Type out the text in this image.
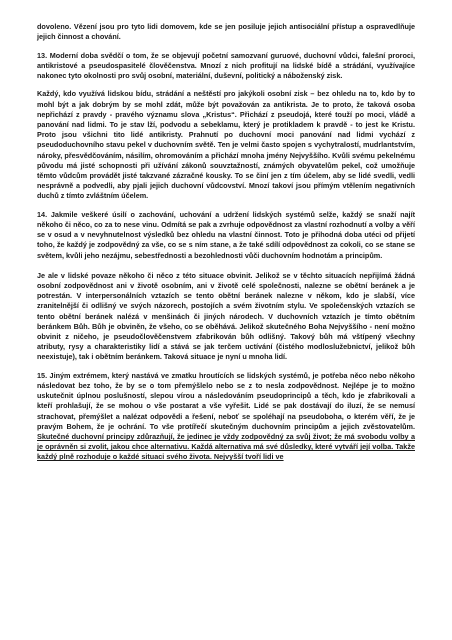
dovoleno. Vězení jsou pro tyto lidi domovem, kde se jen posiluje jejich antisociální přístup a ospravedlňuje jejich činnost a chování.

13. Moderní doba svědčí o tom, že se objevují početní samozvaní guruové, duchovní vůdci, falešní proroci, antikristové a pseudospasitelé člověčenstva. Mnozí z nich profitují na lidské bídě a strádání, využívajíce nakonec tyto okolnosti pro svůj osobní, materiální, duševní, politický a náboženský zisk.

Každý, kdo využívá lidskou bídu, strádání a neštěstí pro jakýkoli osobní zisk – bez ohledu na to, kdo by to mohl být a jak dobrým by se mohl zdát, může být považován za antikrista. Je to proto, že taková osoba nepřichází z pravdy - pravého významu slova „Kristus“. Přichází z pseudojá, které touží po moci, vládě a panování nad lidmi. To je stav lží, podvodu a sebeklamu, který je protikladem k pravdě - to jest ke Kristu. Proto jsou všichni tito lidé antikristy. Prahnutí po duchovní moci panování nad lidmi vychází z pseudoduchovního stavu pekel v duchovním světě. Ten je velmi často spojen s vychytralostí, mudrlantstvím, nároky, přesvědčováním, násilím, ohromováním a přichází mnoha jmény Nejvyššího. Kvůli svému pekelnému původu má jisté schopnosti při užívání zákonů souvztažností, známých obyvatelům pekel, což umožňuje těmto vůdcům provádět jisté takzvané zázračné kousky. To se činí jen z tím účelem, aby se lidé svedli, vedli nesprávně a podvedli, aby pjali jejich duchovní vůdcovství. Mnozí takoví jsou přímým vtělením negativních duchů z tímto zvláštním účelem.

14. Jakmile veškeré úsilí o zachování, uchování a udržení lidských systémů selže, každý se snaží najít někoho či něco, co za to nese vinu. Odmítá se pak a zvrhuje odpovědnost za vlastní rozhodnutí a volby a věří se v osud a v nevyhnutelnost výsledků bez ohledu na vlastní činnost. Toto je přihodná doba utéci od přijetí toho, že každý je zodpovědný za vše, co se s ním stane, a že také sdílí odpovědnost za cokoli, co se stane se světem, kvůli jeho nezájmu, sebestřednosti a bezohlednosti vůči duchovním hodnotám a principům.

Je ale v lidské povaze někoho či něco z této situace obvinit. Jelikož se v těchto situacích nepřijímá žádná osobní zodpovědnost ani v životě osobním, ani v životě celé společnosti, nalezne se obětní beránek a je potrestán. V interpersonálních vztazích se tento obětní beránek nalezne v někom, kdo je slabší, více zranitelnější či odlišný ve svých názorech, postojích a svém životním stylu. Ve společenských vztazích se tento obětní beránek nalézá v menšinách či jiných národech. V duchovních vztazích je tímto obětním beránkem Bůh. Bůh je obviněn, že všeho, co se oběhává. Jelikož skutečného Boha Nejvyššího - není možno obvinit z ničeho, je pseudočlověčenstvem zfabrikován bůh odlišný. Takový bůh má vštípený všechny atributy, rysy a charakteristiky lidí a stává se jak terčem uctívání (čistého modloslužebnictví, jelikož bůh neexistuje), tak i obětním beránkem. Taková situace je nyní u mnoha lidí.

15. Jiným extrémem, který nastává ve zmatku hroutících se lidských systémů, je potřeba něco nebo někoho následovat bez toho, že by se o tom přemýšlelo nebo se z to nesla zodpovědnost. Nejlépe je to možno uskutečnit úplnou poslušností, slepou vírou a následováním pseudoprincipů a těch, kdo je zfabrikovali a kteří prohlašují, že se mohou o vše postarat a vše vyřešit. Lidé se pak dostávají do iluzí, že se nemusí strachovat, přemýšlet a nalézat odpovědi a řešení, neboť se spoléhají na pseudoboha, o kterém věří, že je pravým Bohem, že je ochrání. To vše protířečí skutečným duchovním principům a jejich zvěstovatelům. Skutečné duchovní principy zdůrazňují, že jedinec je vždy zodpovědný za svůj život; že má svobodu volby a je oprávněn si zvolit, jakou chce alternativu. Každá alternativa má své důsledky, které vytváří její volba. Takže každý plně rozhoduje o každé situaci svého života. Nejvyšší tvoří lidi ve
